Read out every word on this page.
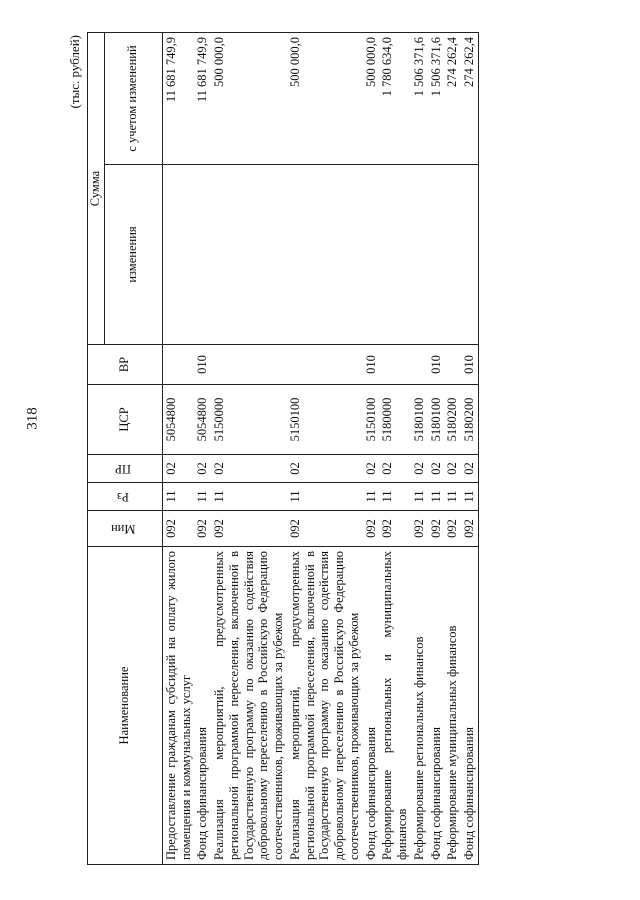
318
(тыс. рублей)
Наименование	Мин	Рз	ПР	ЦСР	ВР	Сумма	
						изменения	с учетом изменений
Предоставление гражданам субсидий на оплату жилого помещения и коммунальных услуг	092	11	02	5054800			11 681 749,9
Фонд софинансирования	092	11	02	5054800	010		11 681 749,9
Реализация мероприятий, предусмотренных региональной программой переселения, включенной в Государственную программу по оказанию содействия добровольному переселению в Российскую Федерацию соотечественников, проживающих за рубежом	092	11	02	5150000			500 000,0
Реализация мероприятий, предусмотренных региональной программой переселения, включенной в Государственную программу по оказанию содействия добровольному переселению в Российскую Федерацию соотечественников, проживающих за рубежом	092	11	02	5150100			500 000,0
Фонд софинансирования	092	11	02	5150100	010		500 000,0
Реформирование региональных и муниципальных финансов	092	11	02	5180000			1 780 634,0
Реформирование региональных финансов	092	11	02	5180100			1 506 371,6
Фонд софинансирования	092	11	02	5180100	010		1 506 371,6
Реформирование муниципальных финансов	092	11	02	5180200			274 262,4
Фонд софинансирования	092	11	02	5180200	010		274 262,4
